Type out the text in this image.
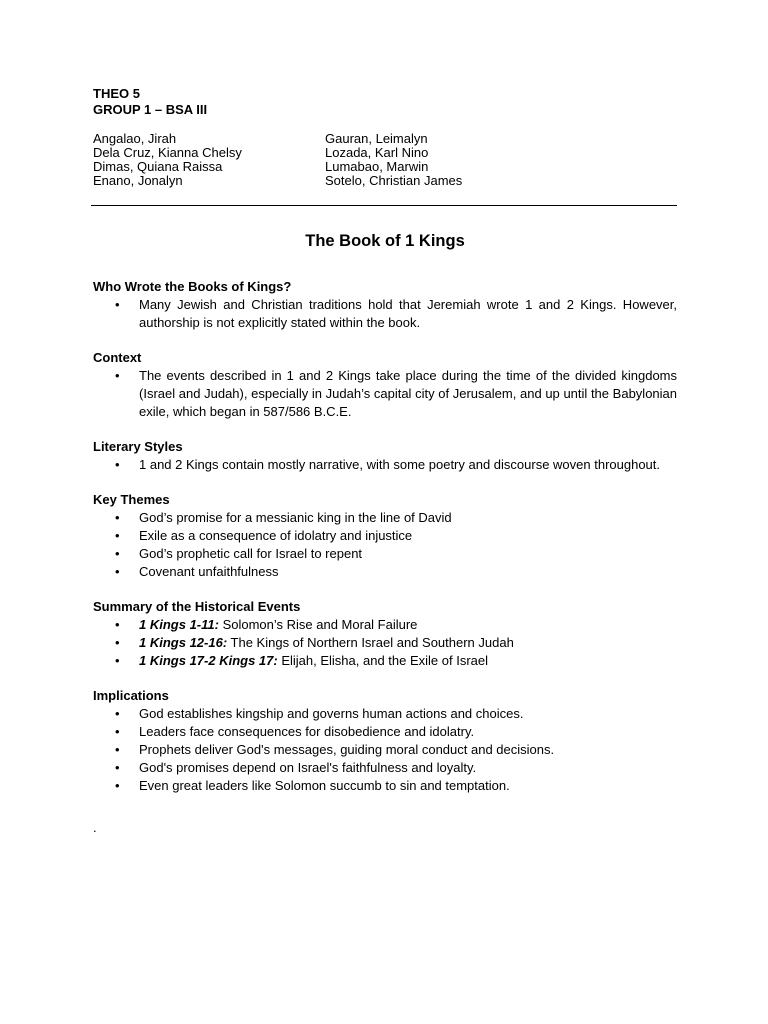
THEO 5
GROUP 1 – BSA III
Angalao, Jirah
Dela Cruz, Kianna Chelsy
Dimas, Quiana Raissa
Enano, Jonalyn
Gauran, Leimalyn
Lozada, Karl Nino
Lumabao, Marwin
Sotelo, Christian James
The Book of 1 Kings
Who Wrote the Books of Kings?
• Many Jewish and Christian traditions hold that Jeremiah wrote 1 and 2 Kings. However, authorship is not explicitly stated within the book.
Context
• The events described in 1 and 2 Kings take place during the time of the divided kingdoms (Israel and Judah), especially in Judah’s capital city of Jerusalem, and up until the Babylonian exile, which began in 587/586 B.C.E.
Literary Styles
• 1 and 2 Kings contain mostly narrative, with some poetry and discourse woven throughout.
Key Themes
• God’s promise for a messianic king in the line of David
• Exile as a consequence of idolatry and injustice
• God’s prophetic call for Israel to repent
• Covenant unfaithfulness
Summary of the Historical Events
• 1 Kings 1-11: Solomon’s Rise and Moral Failure
• 1 Kings 12-16: The Kings of Northern Israel and Southern Judah
• 1 Kings 17-2 Kings 17: Elijah, Elisha, and the Exile of Israel
Implications
• God establishes kingship and governs human actions and choices.
• Leaders face consequences for disobedience and idolatry.
• Prophets deliver God's messages, guiding moral conduct and decisions.
• God's promises depend on Israel's faithfulness and loyalty.
• Even great leaders like Solomon succumb to sin and temptation.
.
